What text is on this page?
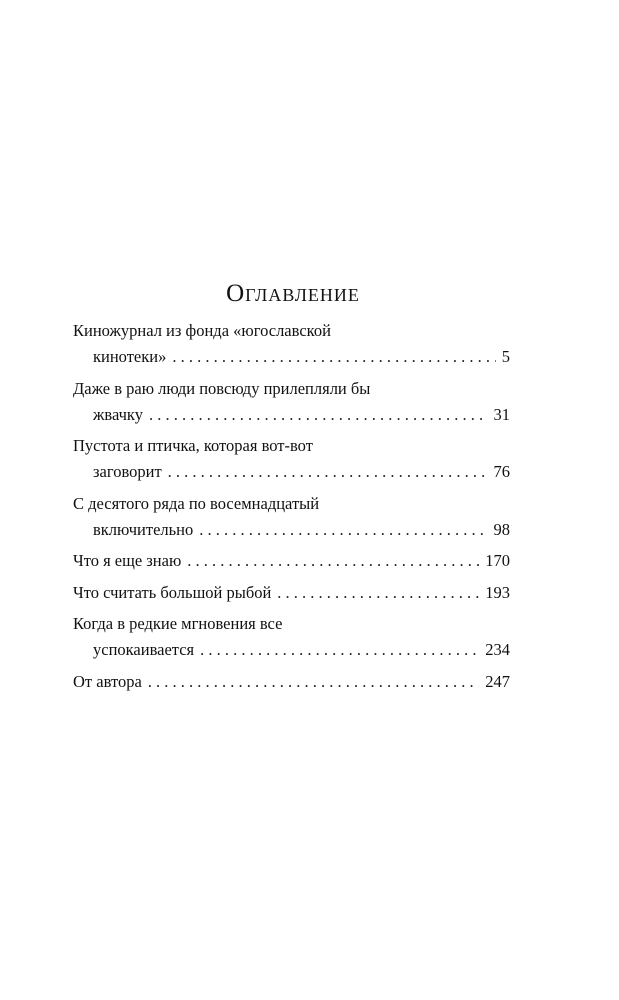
Оглавление
Киножурнал из фонда «югославской
кинотеки» . . .	5
Даже в раю люди повсюду прилепляли бы
жвачку . . .	31
Пустота и птичка, которая вот-вот
заговорит . . .	76
С десятого ряда по восемнадцатый
включительно . . .	98
Что я еще знаю . . .	170
Что считать большой рыбой . . .	193
Когда в редкие мгновения все
успокаивается . . .	234
От автора . . .	247
